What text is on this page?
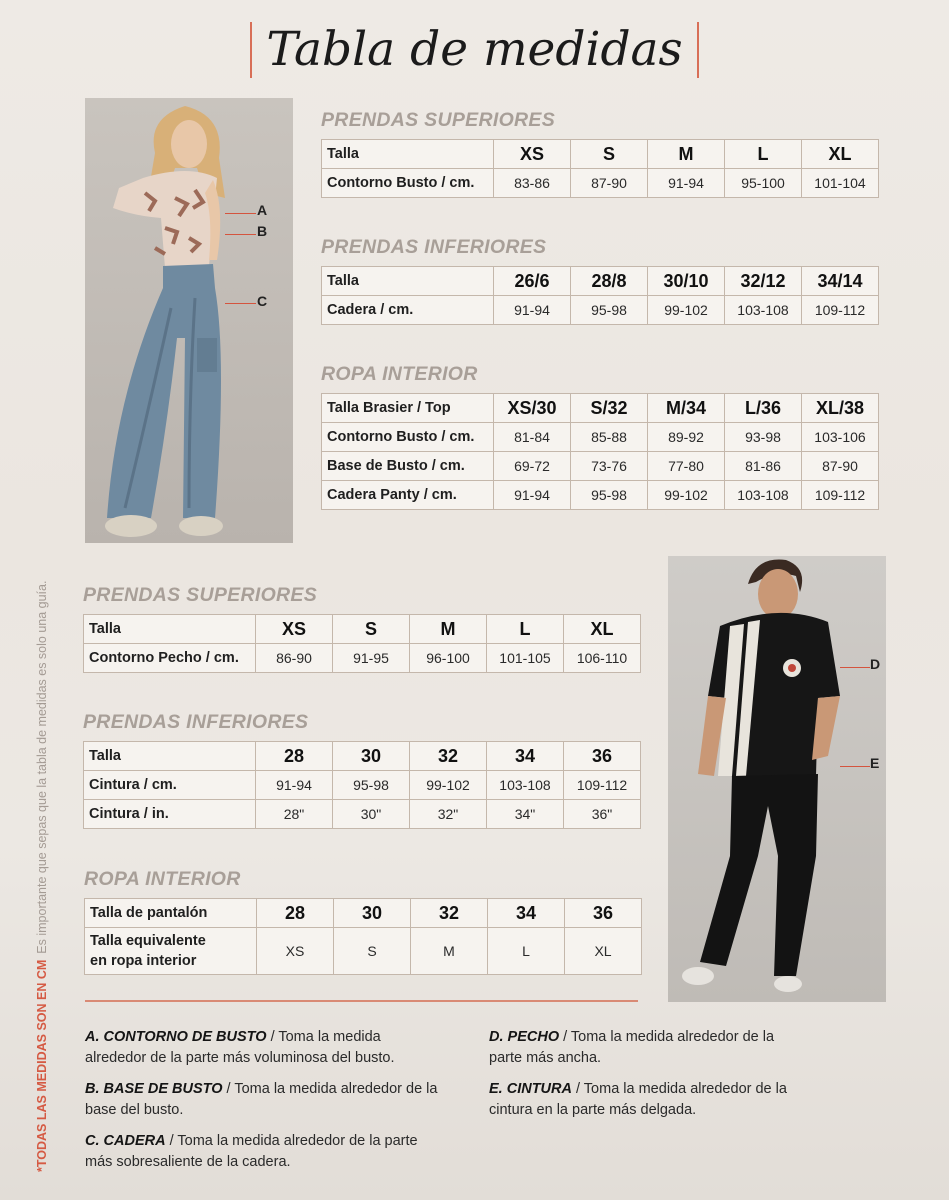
Tabla de medidas
A
B
C
D
E
PRENDAS SUPERIORES
Talla	XS	S	M	L	XL
Contorno Busto / cm.	83-86	87-90	91-94	95-100	101-104
PRENDAS INFERIORES
Talla	26/6	28/8	30/10	32/12	34/14
Cadera / cm.	91-94	95-98	99-102	103-108	109-112
ROPA INTERIOR
Talla Brasier / Top	XS/30	S/32	M/34	L/36	XL/38
Contorno Busto / cm.	81-84	85-88	89-92	93-98	103-106
Base de Busto / cm.	69-72	73-76	77-80	81-86	87-90
Cadera Panty / cm.	91-94	95-98	99-102	103-108	109-112
PRENDAS SUPERIORES
Talla	XS	S	M	L	XL
Contorno Pecho / cm.	86-90	91-95	96-100	101-105	106-110
PRENDAS INFERIORES
Talla	28	30	32	34	36
Cintura / cm.	91-94	95-98	99-102	103-108	109-112
Cintura / in.	28"	30"	32"	34"	36"
ROPA INTERIOR
Talla de pantalón	28	30	32	34	36
Talla equivalente
en ropa interior	XS	S	M	L	XL
*TODAS LAS MEDIDAS SON EN CMEs importante que sepas que la tabla de medidas es solo una guía.
A. CONTORNO DE BUSTO / Toma la medida alrededor de la parte más voluminosa del busto.
B. BASE DE BUSTO / Toma la medida alrededor de la base del busto.
C. CADERA / Toma la medida alrededor de la parte más sobresaliente de la cadera.
D. PECHO / Toma la medida alrededor de la parte más ancha.
E. CINTURA / Toma la medida alrededor de la cintura en la parte más delgada.
